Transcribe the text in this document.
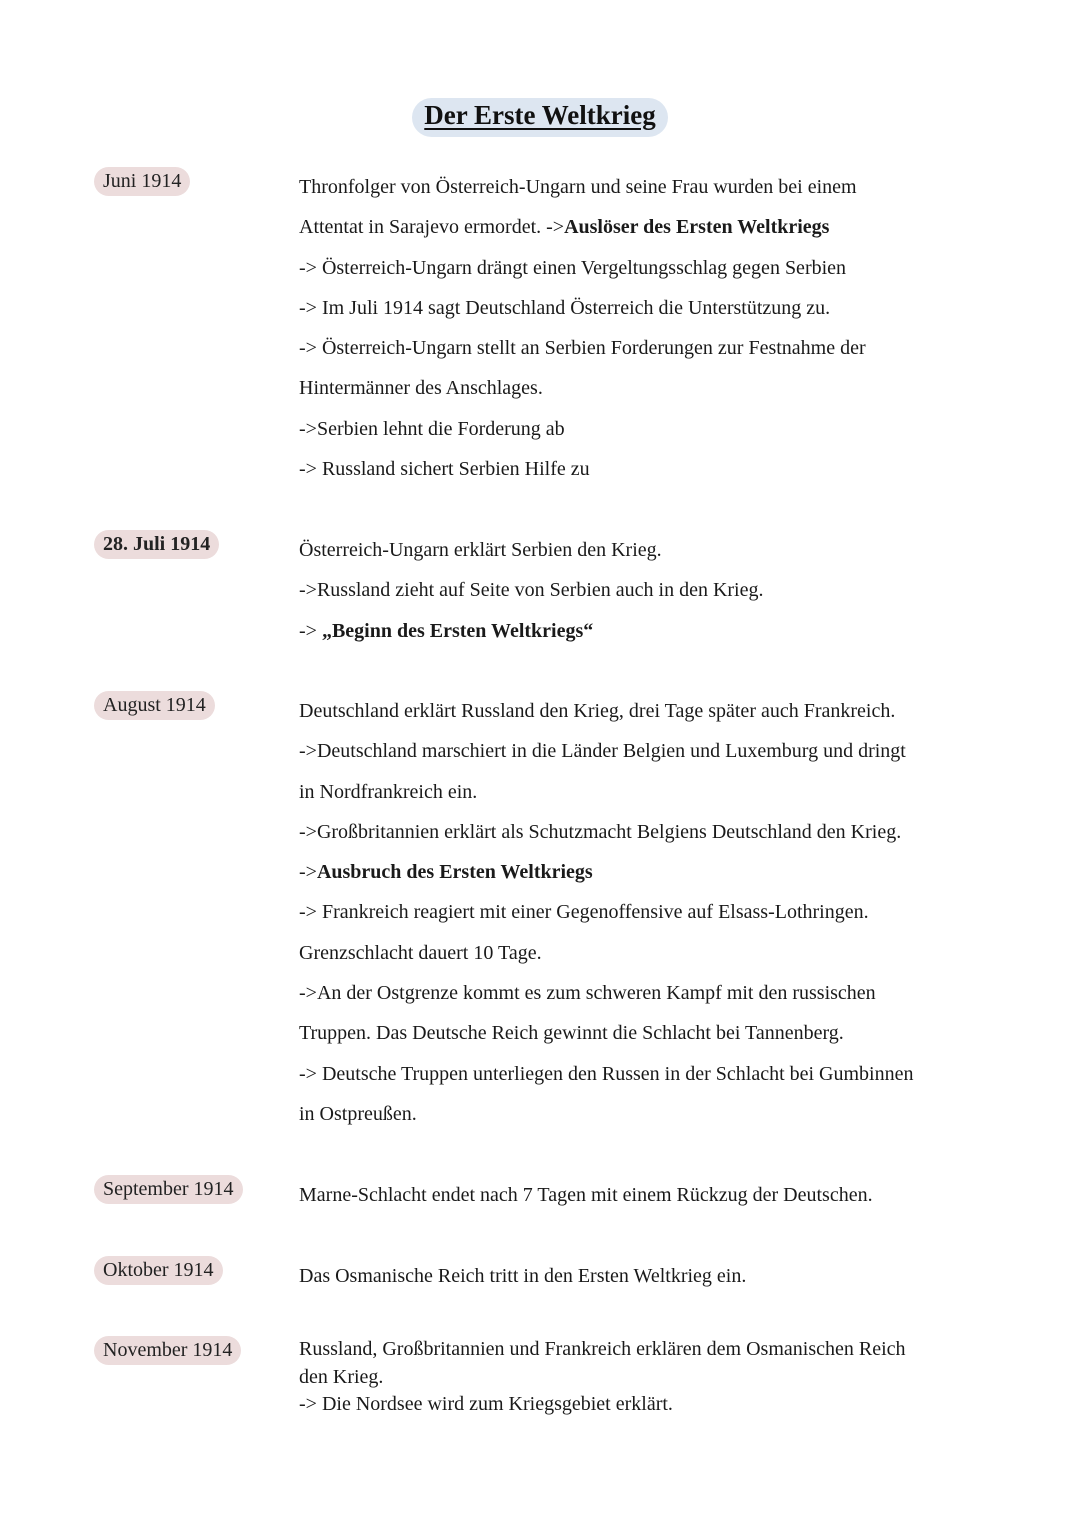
Der Erste Weltkrieg
Juni 1914	Thronfolger von Österreich-Ungarn und seine Frau wurden bei einem
Attentat in Sarajevo ermordet. ->Auslöser des Ersten Weltkriegs
-> Österreich-Ungarn drängt einen Vergeltungsschlag gegen Serbien
-> Im Juli 1914 sagt Deutschland Österreich die Unterstützung zu.
-> Österreich-Ungarn stellt an Serbien Forderungen zur Festnahme der
Hintermänner des Anschlages.
->Serbien lehnt die Forderung ab
-> Russland sichert Serbien Hilfe zu
28. Juli 1914	Österreich-Ungarn erklärt Serbien den Krieg.
->Russland zieht auf Seite von Serbien auch in den Krieg.
-> „Beginn des Ersten Weltkriegs“
August 1914	Deutschland erklärt Russland den Krieg, drei Tage später auch Frankreich.
->Deutschland marschiert in die Länder Belgien und Luxemburg und dringt
in Nordfrankreich ein.
->Großbritannien erklärt als Schutzmacht Belgiens Deutschland den Krieg.
->Ausbruch des Ersten Weltkriegs
-> Frankreich reagiert mit einer Gegenoffensive auf Elsass-Lothringen.
Grenzschlacht dauert 10 Tage.
->An der Ostgrenze kommt es zum schweren Kampf mit den russischen
Truppen. Das Deutsche Reich gewinnt die Schlacht bei Tannenberg.
-> Deutsche Truppen unterliegen den Russen in der Schlacht bei Gumbinnen
in Ostpreußen.
September 1914	Marne-Schlacht endet nach 7 Tagen mit einem Rückzug der Deutschen.
Oktober 1914	Das Osmanische Reich tritt in den Ersten Weltkrieg ein.
November 1914	Russland, Großbritannien und Frankreich erklären dem Osmanischen Reich
den Krieg.
-> Die Nordsee wird zum Kriegsgebiet erklärt.
